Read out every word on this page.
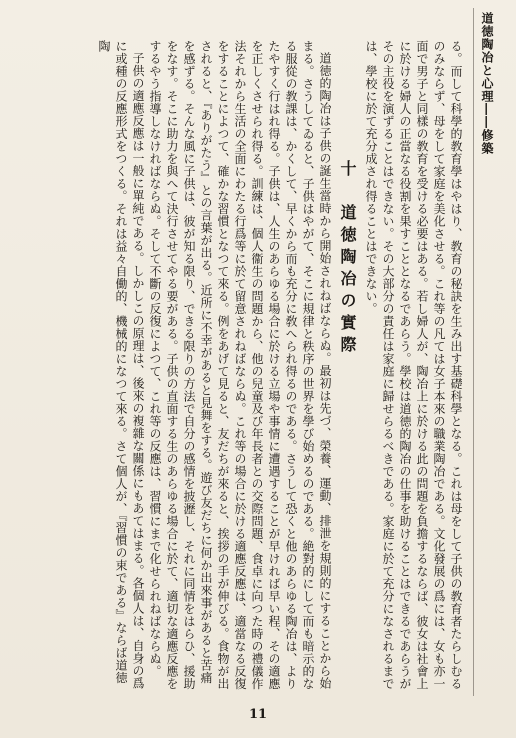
道徳陶冶と心理――修築

る。而して科學的教育學はやはり、教育の秘訣を生み出す基礎科學となる。これは母をして子供の教育者たらしむるのみならず、母をして家庭を美化させる。これ等の凡ては女子本來の職業陶冶である。文化發展の爲には、女も亦一面で男子と同樣の教育を受ける必要はある。若し婦人が、陶冶上に於ける此の問題を負擔するならば、彼女は社會上に於ける婦人の正當なる役割を果すこととなるであらう。學校は道徳的陶冶の仕事を助けることはできるであらうがその主役を演ずることはできない。その大部分の責任は家庭に歸せらるべきである。家庭に於て充分になされるまでは、學校に於て充分成され得ることはできない。

十　道徳陶冶の實際

道徳的陶冶は子供の誕生當時から開始されねばならぬ。最初は先づ、榮養、運動、排泄を規則的にすることから始まる。さうしてゐると、子供はやがて、そこに規律と秩序の世界を學び始めるのである。絶對的にして而も暗示的なる服從の教課は、かくして、早くから而も充分に敎へられ得るのである。さうして恐くと他のあらゆる陶冶は、よりたやすく行はれ得る。子供は、人生のあらゆる場合に於ける立場や事情に遭遇することが早ければ早い程、その適應を正しくさせられ得る。訓練は、個人衞生の問題から、他の兒童及び年長者との交際問題、食卓に向つた時の禮儀作法それから生活の全面にわたる行爲等に於て留意されねばならぬ。これ等の場合に於ける適應反應は、適當なる反復をすることによつて、確かな習慣となつて來る。例をあげて見ると、友だちが來ると、挨拶の手が伸びる。食物が出されると、『ありがたう』との言葉が出る。近所に不幸があると見舞をする。遊び友だちに何か出來事があると苦痛を感ずる。そんな風に子供は、彼が知る限り、できる限りの方法で自分の感情を披瀝し、それに同情をはらひ、援助をなす。そこに助力を與へて決行させてやる要がある。子供の直面する生のあらゆる場合に於て、適切な適應反應をするやう指導しなければならぬ。そして不斷の反復によつて、これ等の反應は、習慣にまで化せられねばならぬ。

子供の適應反應は一般に單純である。しかしこの原理は、後來の複雜な關係にもあてはまる。各個人は、自身の爲に或種の反應形式をつくる。それは益々自働的、機械的になつて來る。さて個人が、『習慣の束である』ならば道徳陶

11
